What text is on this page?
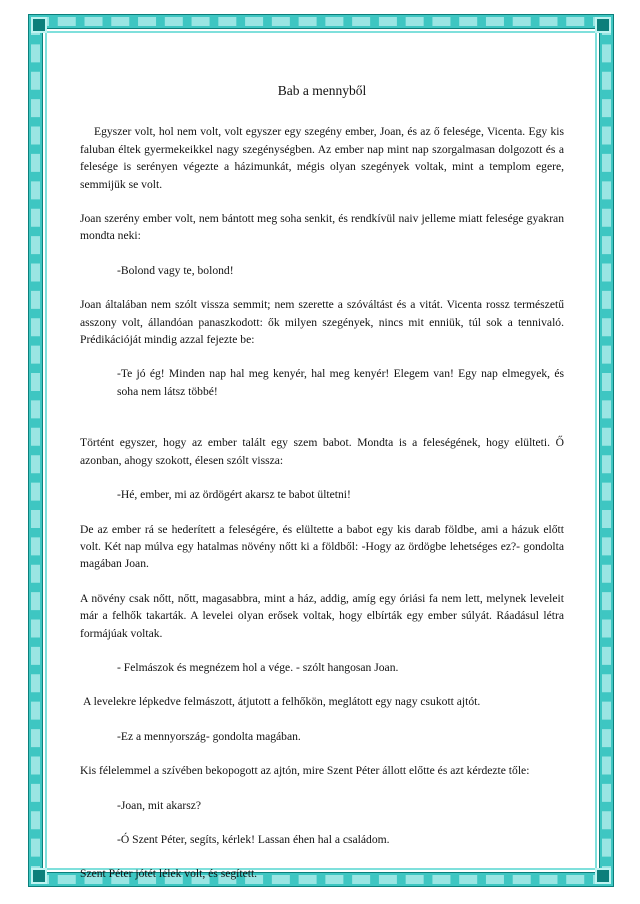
Bab a mennyből

Egyszer volt, hol nem volt, volt egyszer egy szegény ember, Joan, és az ő felesége, Vicenta. Egy kis faluban éltek gyermekeikkel nagy szegénységben. Az ember nap mint nap szorgalmasan dolgozott és a felesége is serényen végezte a házimunkát, mégis olyan szegények voltak, mint a templom egere, semmijük se volt.

Joan szerény ember volt, nem bántott meg soha senkit, és rendkívül naiv jelleme miatt felesége gyakran mondta neki:

-Bolond vagy te, bolond!

Joan általában nem szólt vissza semmit; nem szerette a szóváltást és a vitát. Vicenta rossz természetű asszony volt, állandóan panaszkodott: ők milyen szegények, nincs mit enniük, túl sok a tennivaló. Prédikációját mindig azzal fejezte be:

-Te jó ég! Minden nap hal meg kenyér, hal meg kenyér! Elegem van! Egy nap elmegyek, és soha nem látsz többé!

Történt egyszer, hogy az ember talált egy szem babot. Mondta is a feleségének, hogy elülteti. Ő azonban, ahogy szokott, élesen szólt vissza:

-Hé, ember, mi az ördögért akarsz te babot ültetni!

De az ember rá se hederített a feleségére, és elültette a babot egy kis darab földbe, ami a házuk előtt volt. Két nap múlva egy hatalmas növény nőtt ki a földből: -Hogy az ördögbe lehetséges ez?- gondolta magában Joan.

A növény csak nőtt, nőtt, magasabbra, mint a ház, addig, amíg egy óriási fa nem lett, melynek leveleit már a felhők takarták. A levelei olyan erősek voltak, hogy elbírták egy ember súlyát. Ráadásul létra formájúak voltak.

- Felmászok és megnézem hol a vége. - szólt hangosan Joan.

A levelekre lépkedve felmászott, átjutott a felhőkön, meglátott egy nagy csukott ajtót.

-Ez a mennyország- gondolta magában.

Kis félelemmel a szívében bekopogott az ajtón, mire Szent Péter állott előtte és azt kérdezte tőle:

-Joan, mit akarsz?

-Ó Szent Péter, segíts, kérlek! Lassan éhen hal a családom.

Szent Péter jótét lélek volt, és segített.
